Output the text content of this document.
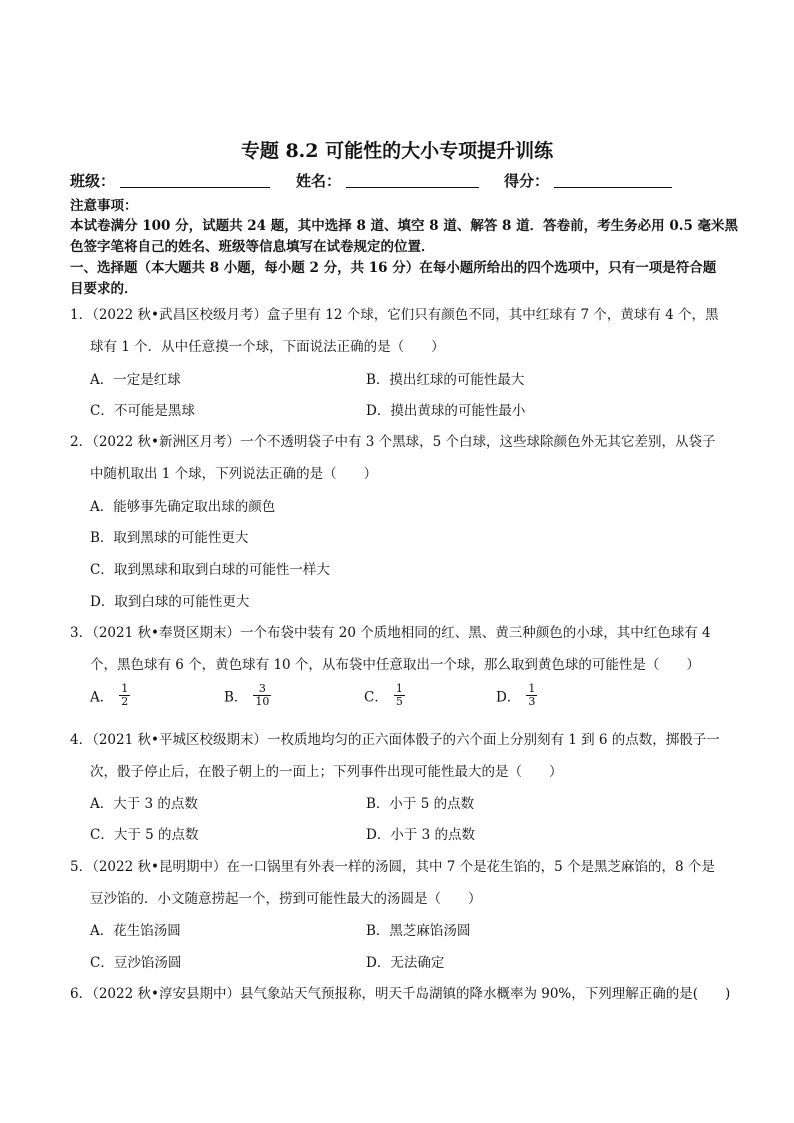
专题 8.2 可能性的大小专项提升训练
班级：	姓名：	得分：
注意事项：
本试卷满分 100 分，试题共 24 题，其中选择 8 道、填空 8 道、解答 8 道．答卷前，考生务必用 0.5 毫米黑
色签字笔将自己的姓名、班级等信息填写在试卷规定的位置．
一、选择题（本大题共 8 小题，每小题 2 分，共 16 分）在每小题所给出的四个选项中，只有一项是符合题
目要求的．
1．（2022 秋•武昌区校级月考）盒子里有 12 个球，它们只有颜色不同，其中红球有 7 个，黄球有 4 个，黑
球有 1 个．从中任意摸一个球，下面说法正确的是（　　）
A．一定是红球	B．摸出红球的可能性最大
C．不可能是黑球	D．摸出黄球的可能性最小
2．（2022 秋•新洲区月考）一个不透明袋子中有 3 个黑球，5 个白球，这些球除颜色外无其它差别，从袋子
中随机取出 1 个球，下列说法正确的是（　　）
A．能够事先确定取出球的颜色
B．取到黑球的可能性更大
C．取到黑球和取到白球的可能性一样大
D．取到白球的可能性更大
3．（2021 秋•奉贤区期末）一个布袋中装有 20 个质地相同的红、黑、黄三种颜色的小球，其中红色球有 4
个，黑色球有 6 个，黄色球有 10 个，从布袋中任意取出一个球，那么取到黄色球的可能性是（　　）
A． $\frac{1}{2}$	B． $\frac{3}{10}$	C． $\frac{1}{5}$	D． $\frac{1}{3}$
4．（2021 秋•平城区校级期末）一枚质地均匀的正六面体骰子的六个面上分别刻有 1 到 6 的点数，掷骰子一
次，骰子停止后，在骰子朝上的一面上；下列事件出现可能性最大的是（　　）
A．大于 3 的点数	B．小于 5 的点数
C．大于 5 的点数	D．小于 3 的点数
5．（2022 秋•昆明期中）在一口锅里有外表一样的汤圆，其中 7 个是花生馅的，5 个是黑芝麻馅的，8 个是
豆沙馅的．小文随意捞起一个，捞到可能性最大的汤圆是（　　）
A．花生馅汤圆	B．黑芝麻馅汤圆
C．豆沙馅汤圆	D．无法确定
6．（2022 秋•淳安县期中）县气象站天气预报称，明天千岛湖镇的降水概率为 90%，下列理解正确的是(　　)
